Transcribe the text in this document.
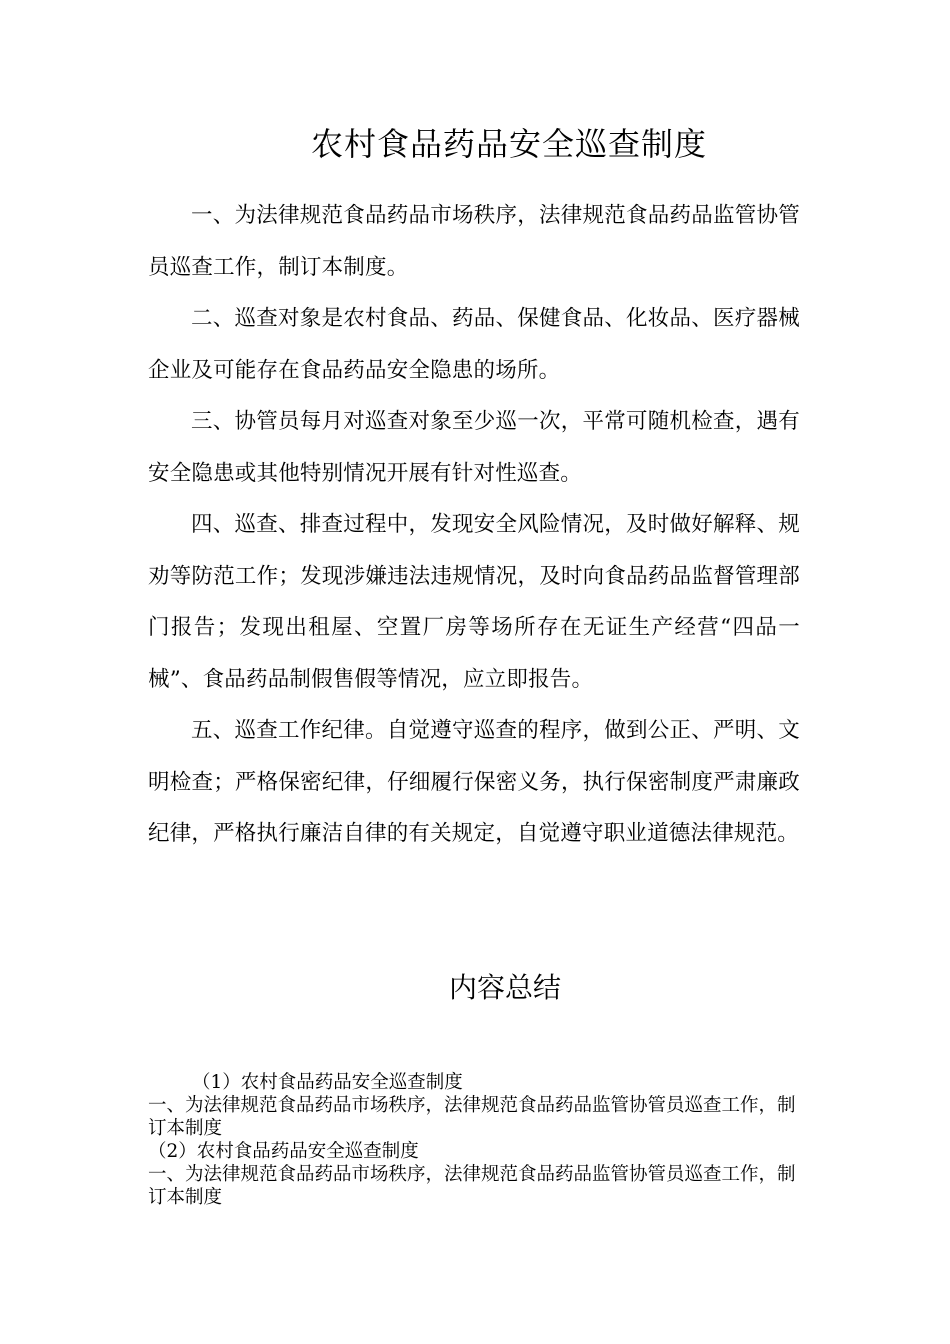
农村食品药品安全巡查制度

一、为法律规范食品药品市场秩序，法律规范食品药品监管协管员巡查工作，制订本制度。

二、巡查对象是农村食品、药品、保健食品、化妆品、医疗器械企业及可能存在食品药品安全隐患的场所。

三、协管员每月对巡查对象至少巡一次，平常可随机检查，遇有安全隐患或其他特别情况开展有针对性巡查。

四、巡查、排查过程中，发现安全风险情况，及时做好解释、规劝等防范工作；发现涉嫌违法违规情况，及时向食品药品监督管理部门报告；发现出租屋、空置厂房等场所存在无证生产经营“四品一械”、食品药品制假售假等情况，应立即报告。

五、巡查工作纪律。自觉遵守巡查的程序，做到公正、严明、文明检查；严格保密纪律，仔细履行保密义务，执行保密制度严肃廉政纪律，严格执行廉洁自律的有关规定，自觉遵守职业道德法律规范。

内容总结

（1）农村食品药品安全巡查制度

一、为法律规范食品药品市场秩序，法律规范食品药品监管协管员巡查工作，制订本制度

（2）农村食品药品安全巡查制度

一、为法律规范食品药品市场秩序，法律规范食品药品监管协管员巡查工作，制订本制度
